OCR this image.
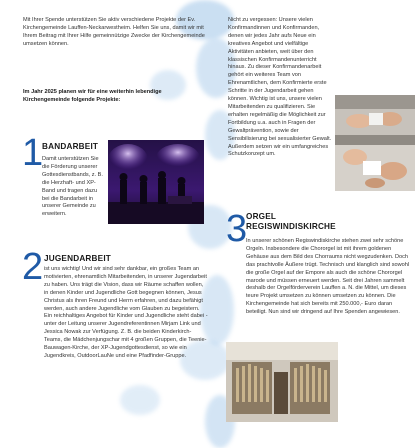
Mit Ihrer Spende unterstützen Sie aktiv verschiedene Projekte der Ev. Kirchengemeinde Lauffen-Neckarwestheim. Helfen Sie uns, damit wir mit Ihrem Beitrag mit Ihrer Hilfe gemeinnützige Zwecke der Kirchengemeinde umsetzen können.

Im Jahr 2025 planen wir für eine weiterhin lebendige Kirchengemeinde folgende Projekte:

1
BANDARBEIT
Damit unterstützen Sie die Förderung unserer Gottesdienstbands, z. B. die Herzhaft- und XP-Band und tragen dazu bei die Bandarbeit in unserer Gemeinde zu erweitern.
2 JUGENDARBEIT
ist uns wichtig! Und wir sind sehr dankbar, ein großes Team an motivierten, ehrenamtlich Mitarbeitenden, in unserer Jugendarbeit zu haben. Uns trägt die Vision, dass wir Räume schaffen wollen, in denen Kinder und Jugendliche Gott begegnen können, Jesus Christus als ihren Freund und Herrn erfahren, und dazu befähigt werden, auch andere Jugendliche vom Glauben zu begeistern. Ein reichhaltiges Angebot für Kinder und Jugendliche steht dabei - unter der Leitung unserer Jugendreferentinnen Mirjam Link und Jessica Nowak zur Verfügung. Z. B. die beiden Kinderkirch-Teams, die Mädchenjungschar mit 4 großen Gruppen, die Teenie-Bauwagen-Kirche, der XP-Jugendgottesdienst, so wie ein Jugendkreis, OutdoorLauNe und eine Pfadfinder-Gruppe.

Nicht zu vergessen: Unsere vielen Konfirmandinnen und Konfirmanden, denen wir jedes Jahr aufs Neue ein kreatives Angebot und vielfältige Aktivitäten anbieten, weit über den klassischen Konfirmandenunterricht hinaus. Zu dieser Konfirmandenarbeit gehört ein weiteres Team von Ehrenamtlichen, dem Konfirmierte erste Schritte in der Jugendarbeit gehen können. Wichtig ist uns, unsere vielen Mitarbeitenden zu qualifizieren. Sie erhalten regelmäßig die Möglichkeit zur Fortbildung u.a. auch in Fragen der Gewaltprävention, sowie der Sensibilisierung bei sexualisierter Gewalt. Außerdem setzen wir ein umfangreiches Schutzkonzept um.

3
ORGEL REGISWINDISKIRCHE
In unserer schönen Regiswindiskirche stehen zwei sehr schöne Orgeln. Insbesondere die Chororgel ist mit ihrem goldenen Gehäuse aus dem Bild des Chorraums nicht wegzudenken. Doch das prachtvolle Äußere trügt. Technisch und klanglich sind sowohl die große Orgel auf der Empore als auch die schöne Chororgel marode und müssen erneuert werden. Seit drei Jahren sammelt deshalb der Orgelförderverein Lauffen a. N. die Mittel, um dieses teure Projekt umsetzen zu können umsetzen zu können. Die Kirchengemeinde hat sich bereits mit 250.000,- Euro daran beteiligt. Nun sind wir dringend auf Ihre Spenden angewiesen.
